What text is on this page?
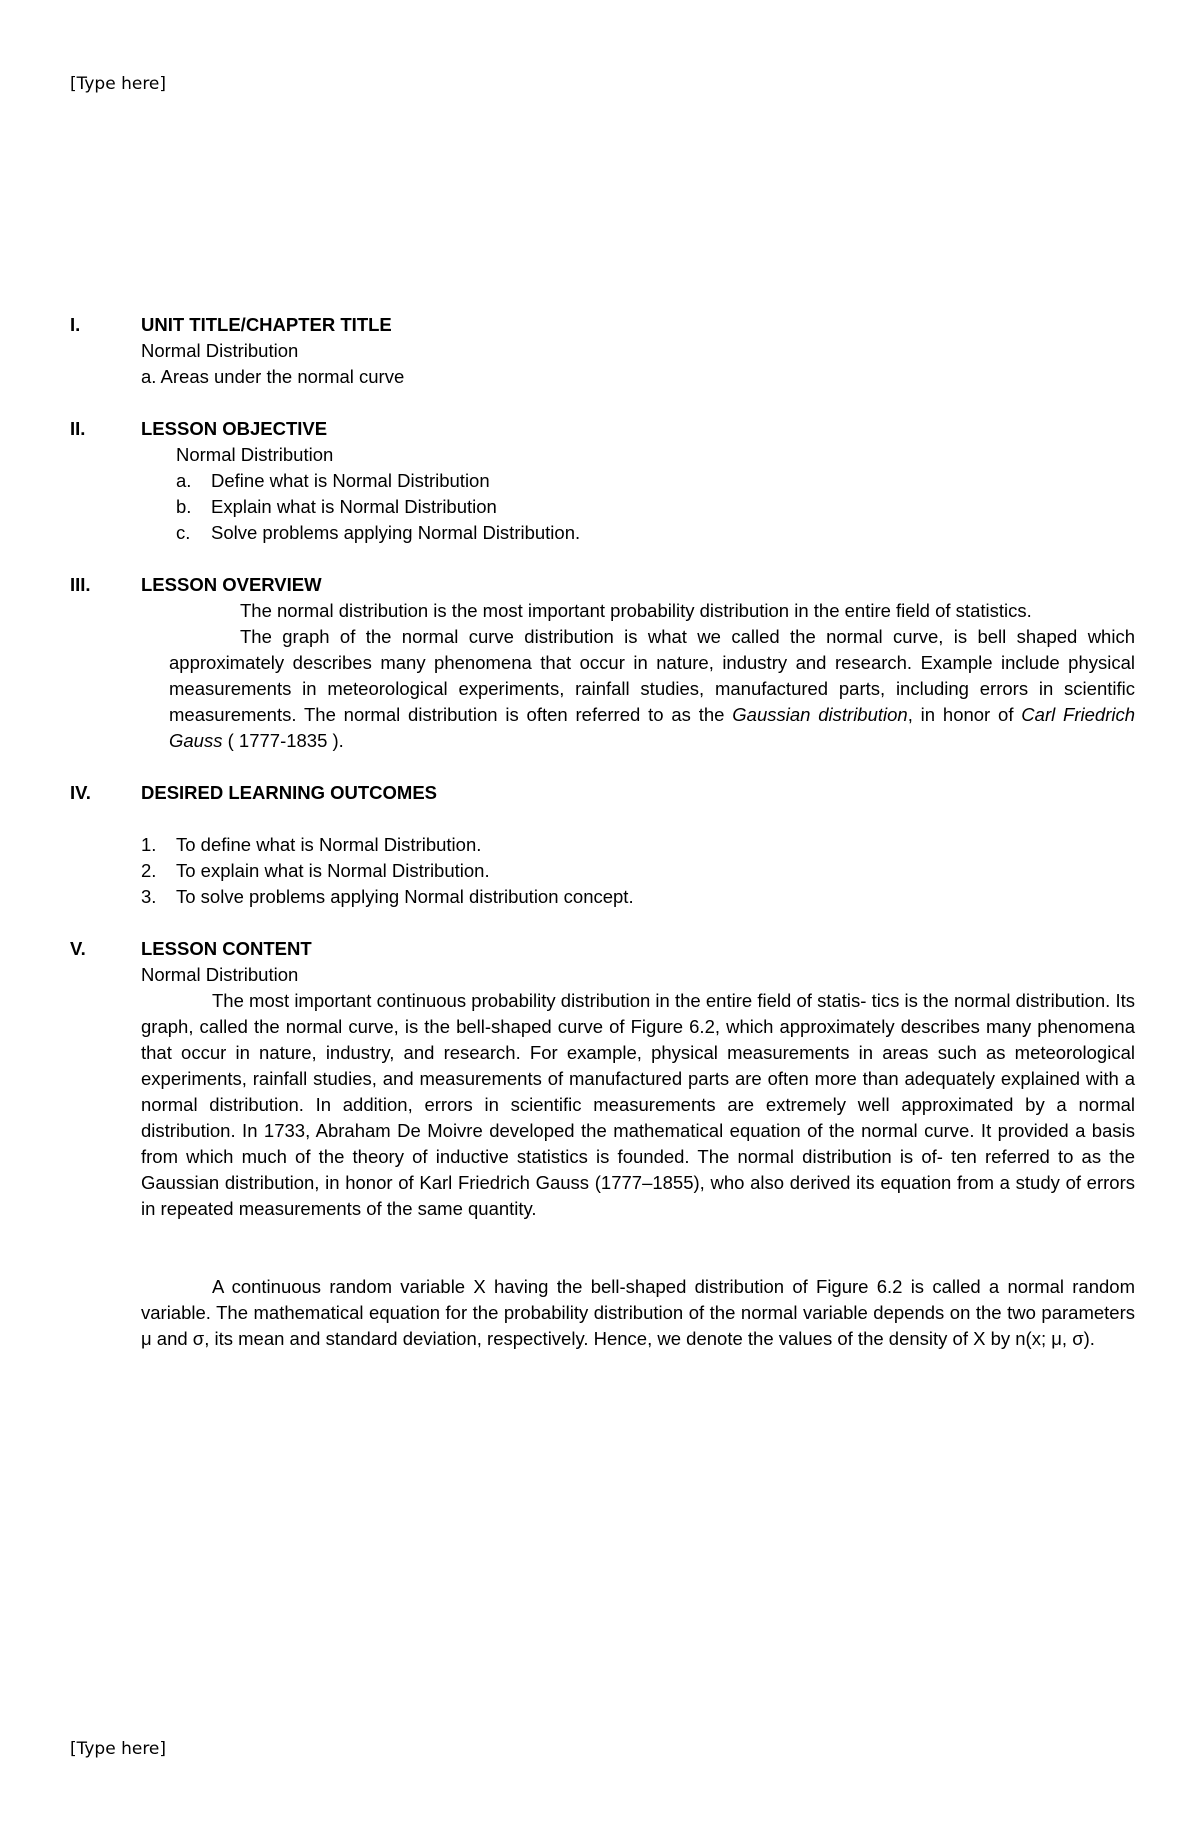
[Type here]
I.	UNIT TITLE/CHAPTER TITLE
Normal Distribution
a. Areas under the normal curve
II.	LESSON OBJECTIVE
Normal Distribution
a. Define what is Normal Distribution
b. Explain what is Normal Distribution
c. Solve problems applying Normal Distribution.
III.	LESSON OVERVIEW

The normal distribution is the most important probability distribution in the entire field of statistics.

The graph of the normal curve distribution is what we called the normal curve, is bell shaped which approximately describes many phenomena that occur in nature, industry and research. Example include physical measurements in meteorological experiments, rainfall studies, manufactured parts, including errors in scientific measurements. The normal distribution is often referred to as the Gaussian distribution, in honor of Carl Friedrich Gauss ( 1777-1835 ).

IV.	DESIRED LEARNING OUTCOMES
1. To define what is Normal Distribution.
2. To explain what is Normal Distribution.
3. To solve problems applying Normal distribution concept.
V.	LESSON CONTENT
Normal Distribution

The most important continuous probability distribution in the entire field of statis- tics is the normal distribution. Its graph, called the normal curve, is the bell-shaped curve of Figure 6.2, which approximately describes many phenomena that occur in nature, industry, and research. For example, physical measurements in areas such as meteorological experiments, rainfall studies, and measurements of manufactured parts are often more than adequately explained with a normal distribution. In addition, errors in scientific measurements are extremely well approximated by a normal distribution. In 1733, Abraham De Moivre developed the mathematical equation of the normal curve. It provided a basis from which much of the theory of inductive statistics is founded. The normal distribution is of- ten referred to as the Gaussian distribution, in honor of Karl Friedrich Gauss (1777–1855), who also derived its equation from a study of errors in repeated measurements of the same quantity.

A continuous random variable X having the bell-shaped distribution of Figure 6.2 is called a normal random variable. The mathematical equation for the probability distribution of the normal variable depends on the two parameters μ and σ, its mean and standard deviation, respectively. Hence, we denote the values of the density of X by n(x; μ, σ).

[Type here]
